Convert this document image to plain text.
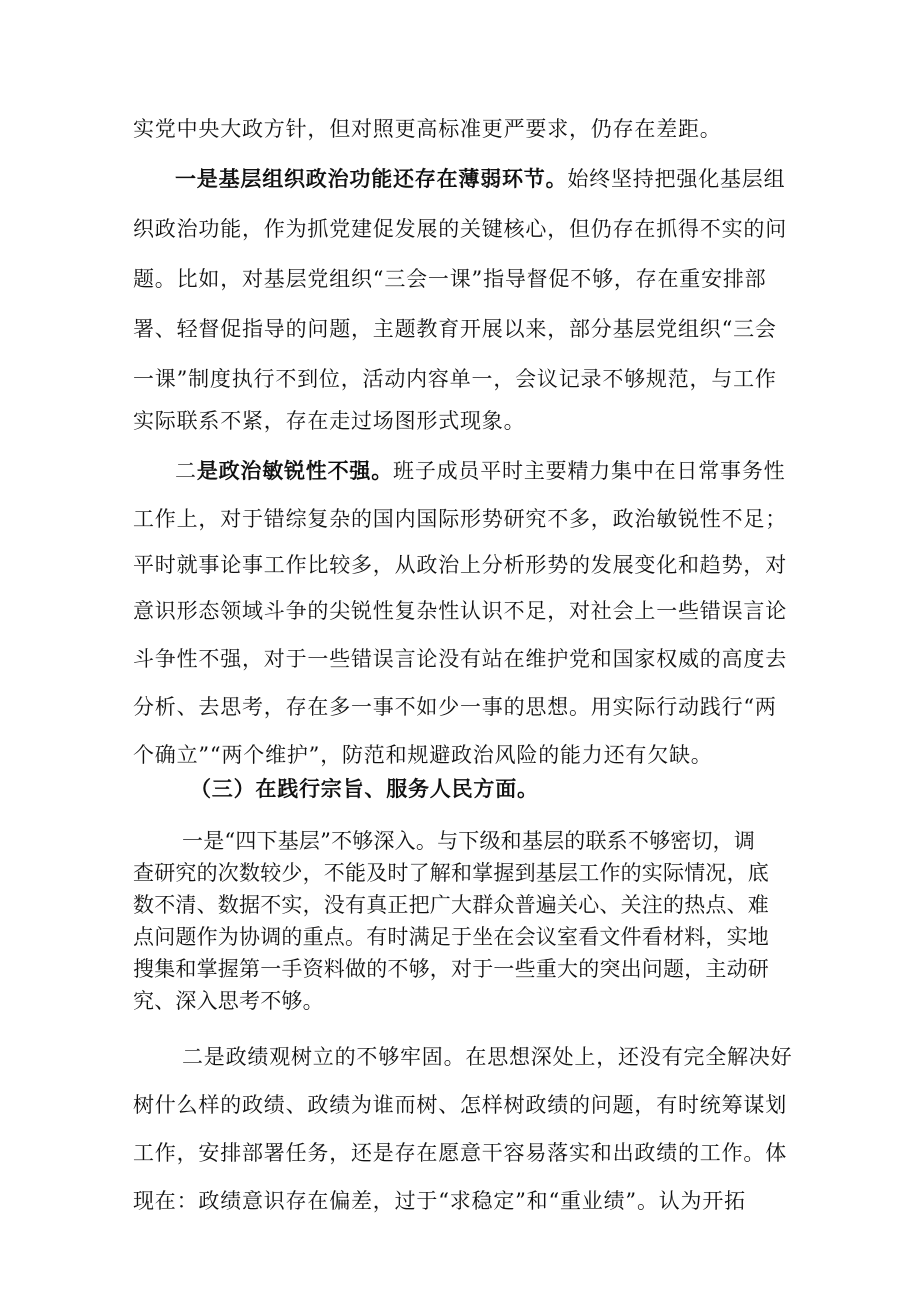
实党中央大政方针，但对照更高标准更严要求，仍存在差距。
一是基层组织政治功能还存在薄弱环节。始终坚持把强化基层组
织政治功能，作为抓党建促发展的关键核心，但仍存在抓得不实的问
题。比如，对基层党组织“三会一课”指导督促不够，存在重安排部
署、轻督促指导的问题，主题教育开展以来，部分基层党组织“三会
一课”制度执行不到位，活动内容单一，会议记录不够规范，与工作
实际联系不紧，存在走过场图形式现象。
二是政治敏锐性不强。班子成员平时主要精力集中在日常事务性
工作上，对于错综复杂的国内国际形势研究不多，政治敏锐性不足；
平时就事论事工作比较多，从政治上分析形势的发展变化和趋势，对
意识形态领域斗争的尖锐性复杂性认识不足，对社会上一些错误言论
斗争性不强，对于一些错误言论没有站在维护党和国家权威的高度去
分析、去思考，存在多一事不如少一事的思想。用实际行动践行“两
个确立”“两个维护”，防范和规避政治风险的能力还有欠缺。
（三）在践行宗旨、服务人民方面。
一是“四下基层”不够深入。与下级和基层的联系不够密切，调
查研究的次数较少，不能及时了解和掌握到基层工作的实际情况，底
数不清、数据不实，没有真正把广大群众普遍关心、关注的热点、难
点问题作为协调的重点。有时满足于坐在会议室看文件看材料，实地
搜集和掌握第一手资料做的不够，对于一些重大的突出问题，主动研
究、深入思考不够。
二是政绩观树立的不够牢固。在思想深处上，还没有完全解决好
树什么样的政绩、政绩为谁而树、怎样树政绩的问题，有时统筹谋划
工作，安排部署任务，还是存在愿意干容易落实和出政绩的工作。体
现在：政绩意识存在偏差，过于“求稳定”和“重业绩”。认为开拓
